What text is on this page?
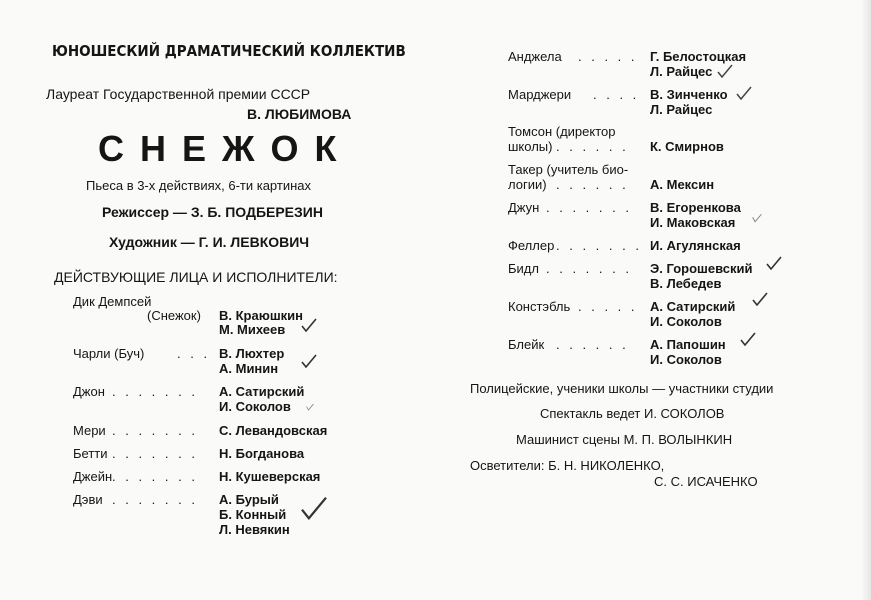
ЮНОШЕСКИЙ ДРАМАТИЧЕСКИЙ КОЛЛЕКТИВ
Лауреат Государственной премии СССР
В. ЛЮБИМОВА
С Н Е Ж О К
Пьеса в 3-х действиях, 6-ти картинах
Режиссер — З. Б. ПОДБЕРЕЗИН
Художник — Г. И. ЛЕВКОВИЧ
ДЕЙСТВУЮЩИЕ ЛИЦА И ИСПОЛНИТЕЛИ:
Дик Демпсей
(Снежок) В. Краюшкин
М. Михеев
Чарли (Буч)	. . . В. Люхтер
А. Минин
Джон . . . . . . . А. Сатирский
И. Соколов
Мери . . . . . . . С. Левандовская
Бетти . . . . . . . Н. Богданова
Джейн . . . . . . . Н. Кушеверская
Дэви . . . . . . . А. Бурый
Б. Конный
Л. Невякин
Анджела . . . . . Г. Белостоцкая
Л. Райцес
Марджери . . . . В. Зинченко
Л. Райцес
Томсон (директор
школы) . . . . . . К. Смирнов
Такер (учитель био-
логии) . . . . . . А. Мексин
Джун . . . . . . . В. Егоренкова
И. Маковская
Феллер . . . . . . . И. Агулянская
Бидл . . . . . . . Э. Горошевский
В. Лебедев
Констэбль . . . . . А. Сатирский
И. Соколов
Блейк . . . . . . А. Папошин
И. Соколов
Полицейские, ученики школы — участники студии
Спектакль ведет И. СОКОЛОВ
Машинист сцены М. П. ВОЛЫНКИН
Осветители: Б. Н. НИКОЛЕНКО,
С. С. ИСАЧЕНКО
